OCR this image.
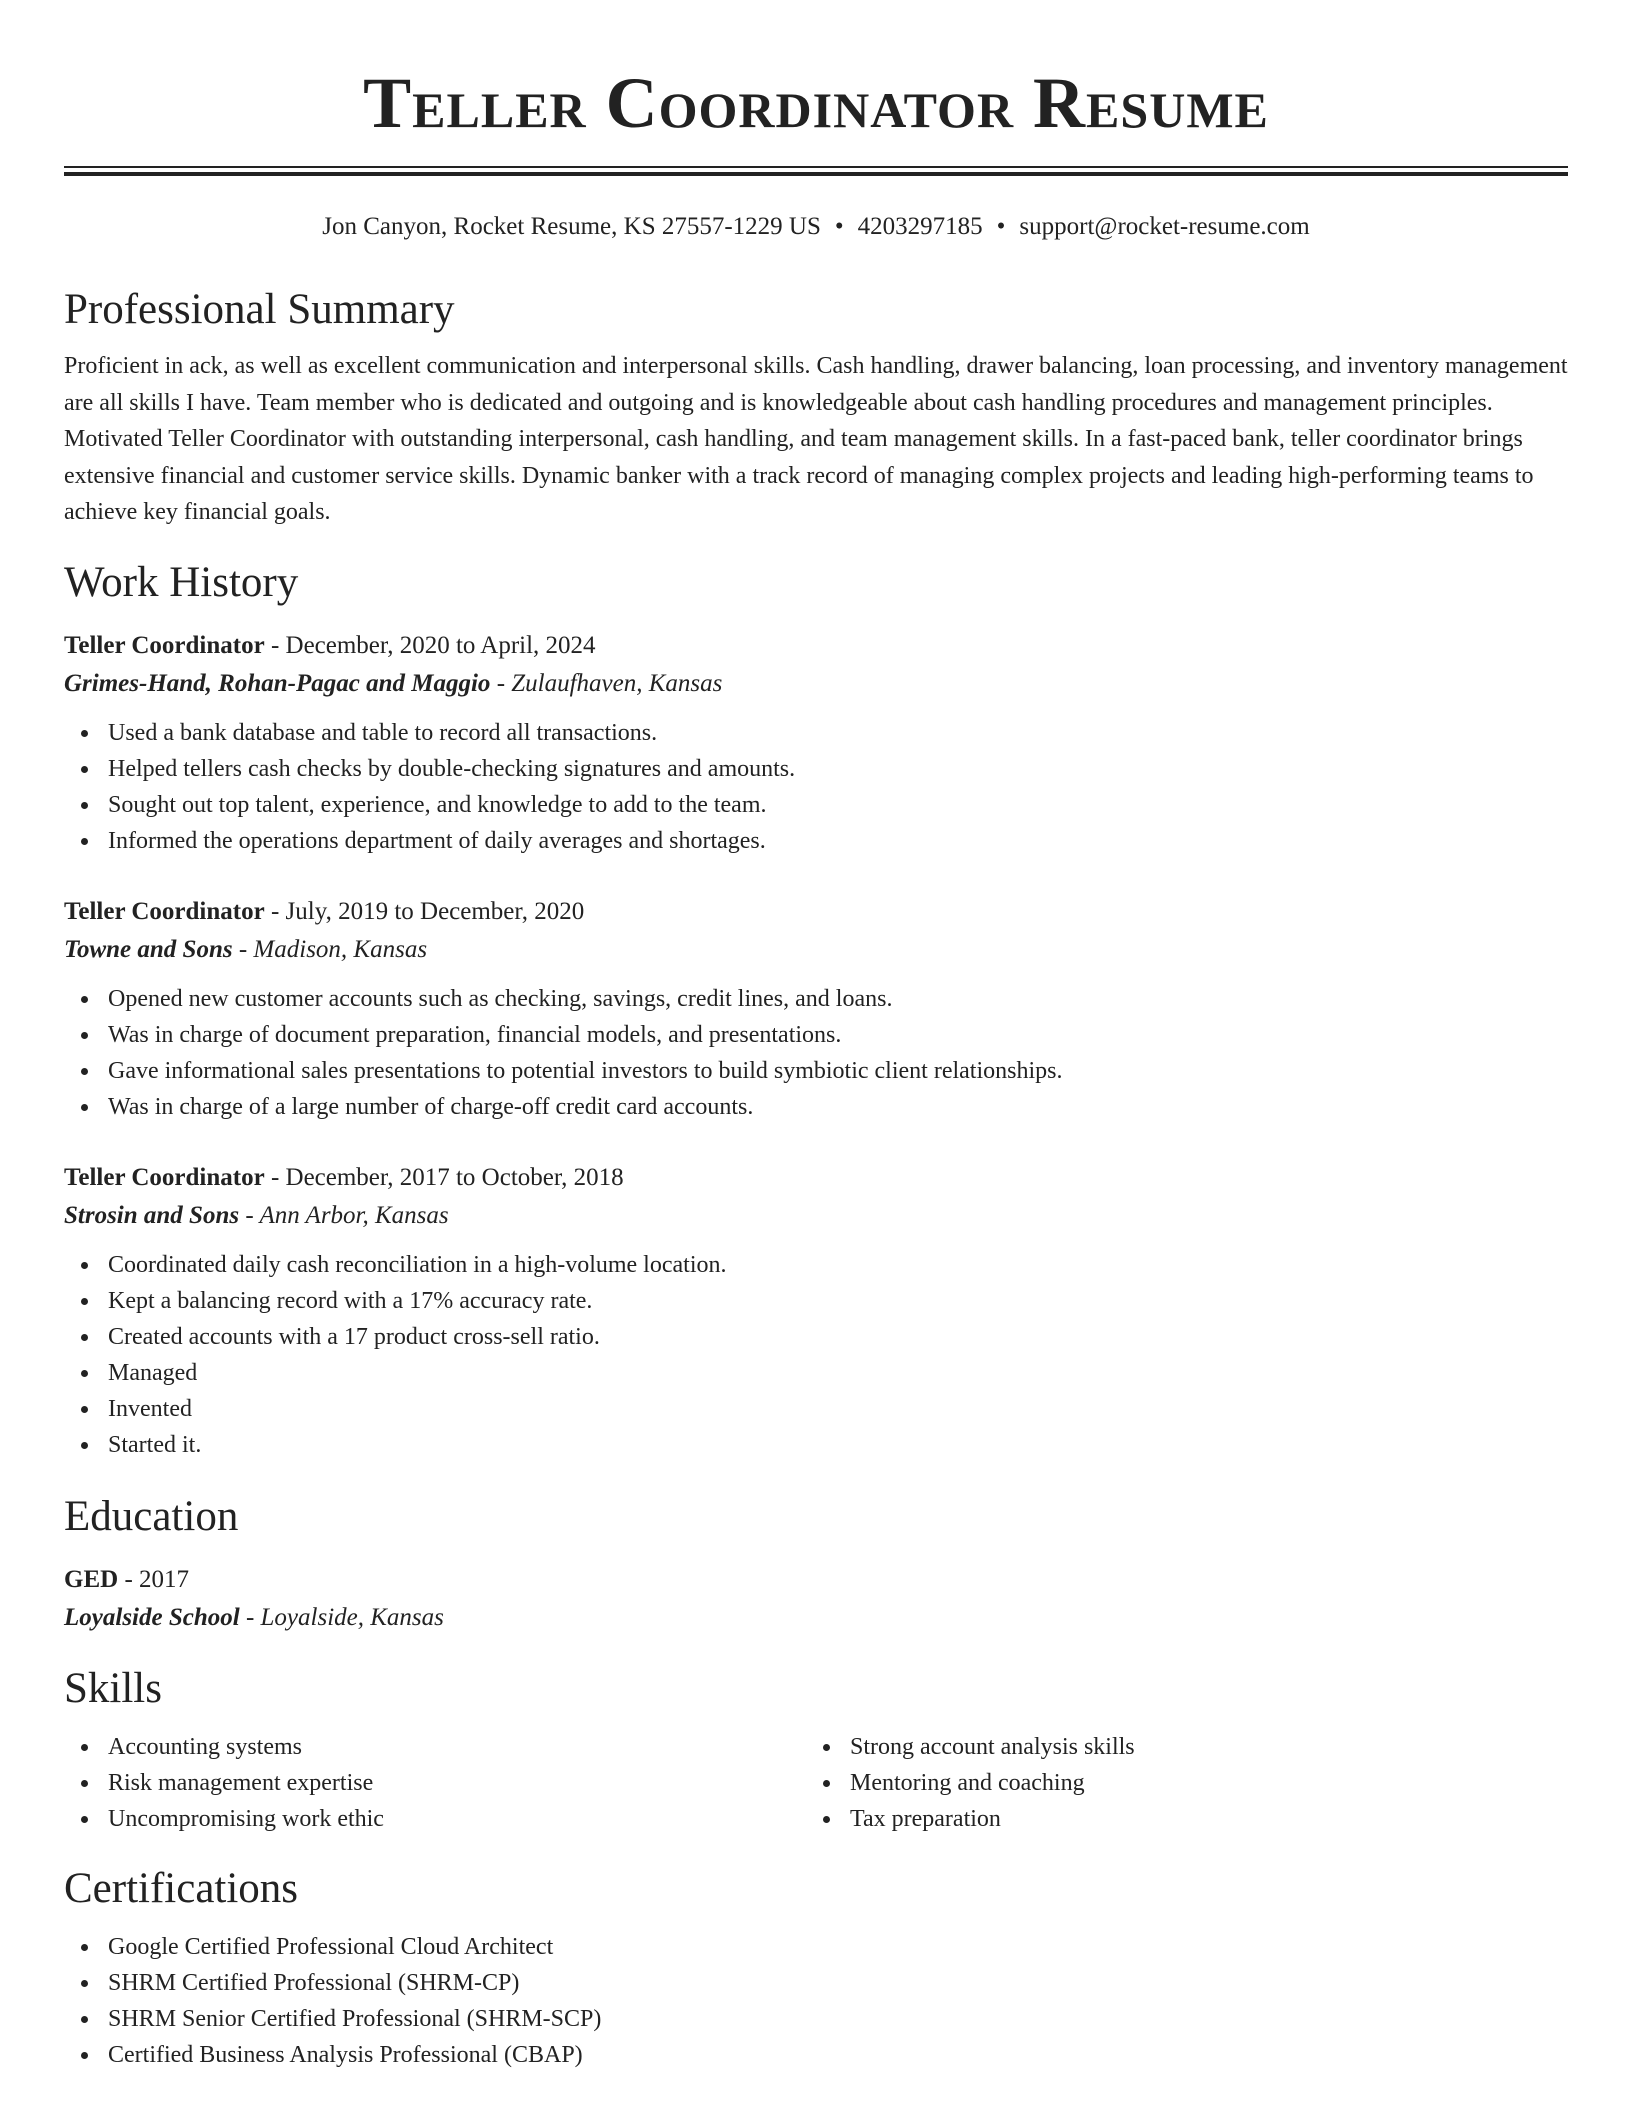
Teller Coordinator Resume
Jon Canyon, Rocket Resume, KS 27557-1229 US • 4203297185 • support@rocket-resume.com
Professional Summary

Proficient in ack, as well as excellent communication and interpersonal skills. Cash handling, drawer balancing, loan processing, and inventory management are all skills I have. Team member who is dedicated and outgoing and is knowledgeable about cash handling procedures and management principles. Motivated Teller Coordinator with outstanding interpersonal, cash handling, and team management skills. In a fast-paced bank, teller coordinator brings extensive financial and customer service skills. Dynamic banker with a track record of managing complex projects and leading high-performing teams to achieve key financial goals.

Work History
Teller Coordinator - December, 2020 to April, 2024
Grimes-Hand, Rohan-Pagac and Maggio - Zulaufhaven, Kansas
Used a bank database and table to record all transactions.
Helped tellers cash checks by double-checking signatures and amounts.
Sought out top talent, experience, and knowledge to add to the team.
Informed the operations department of daily averages and shortages.
Teller Coordinator - July, 2019 to December, 2020
Towne and Sons - Madison, Kansas
Opened new customer accounts such as checking, savings, credit lines, and loans.
Was in charge of document preparation, financial models, and presentations.
Gave informational sales presentations to potential investors to build symbiotic client relationships.
Was in charge of a large number of charge-off credit card accounts.
Teller Coordinator - December, 2017 to October, 2018
Strosin and Sons - Ann Arbor, Kansas
Coordinated daily cash reconciliation in a high-volume location.
Kept a balancing record with a 17% accuracy rate.
Created accounts with a 17 product cross-sell ratio.
Managed
Invented
Started it.
Education
GED - 2017
Loyalside School - Loyalside, Kansas
Skills
Accounting systems
Risk management expertise
Uncompromising work ethic
Strong account analysis skills
Mentoring and coaching
Tax preparation
Certifications
Google Certified Professional Cloud Architect
SHRM Certified Professional (SHRM-CP)
SHRM Senior Certified Professional (SHRM-SCP)
Certified Business Analysis Professional (CBAP)
